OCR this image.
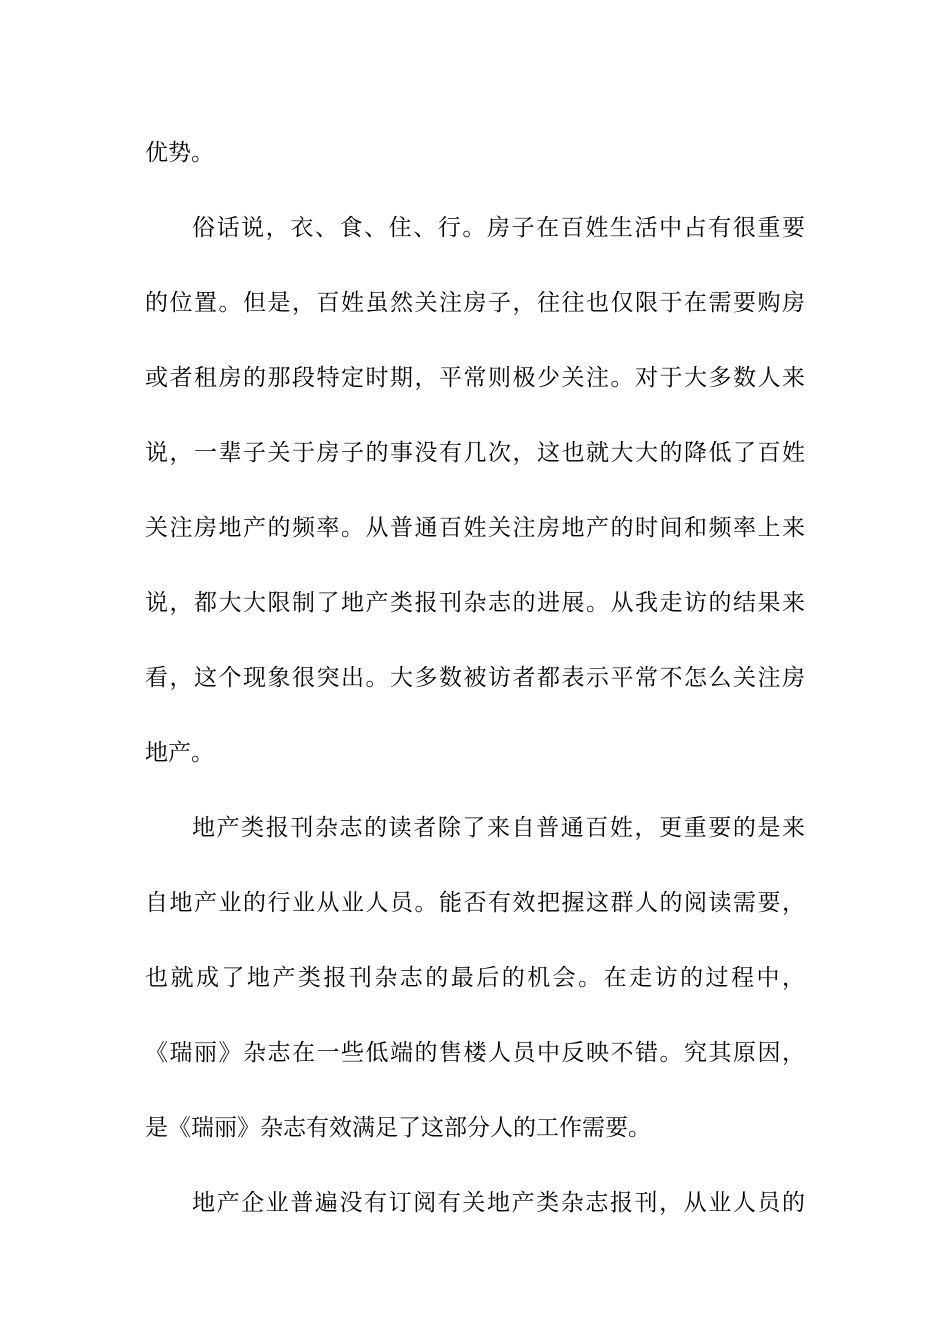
优势。
俗话说，衣、食、住、行。房子在百姓生活中占有很重要
的位置。但是，百姓虽然关注房子，往往也仅限于在需要购房
或者租房的那段特定时期，平常则极少关注。对于大多数人来
说，一辈子关于房子的事没有几次，这也就大大的降低了百姓
关注房地产的频率。从普通百姓关注房地产的时间和频率上来
说，都大大限制了地产类报刊杂志的进展。从我走访的结果来
看，这个现象很突出。大多数被访者都表示平常不怎么关注房
地产。
地产类报刊杂志的读者除了来自普通百姓，更重要的是来
自地产业的行业从业人员。能否有效把握这群人的阅读需要，
也就成了地产类报刊杂志的最后的机会。在走访的过程中，
《瑞丽》杂志在一些低端的售楼人员中反映不错。究其原因，
是《瑞丽》杂志有效满足了这部分人的工作需要。
地产企业普遍没有订阅有关地产类杂志报刊，从业人员的
